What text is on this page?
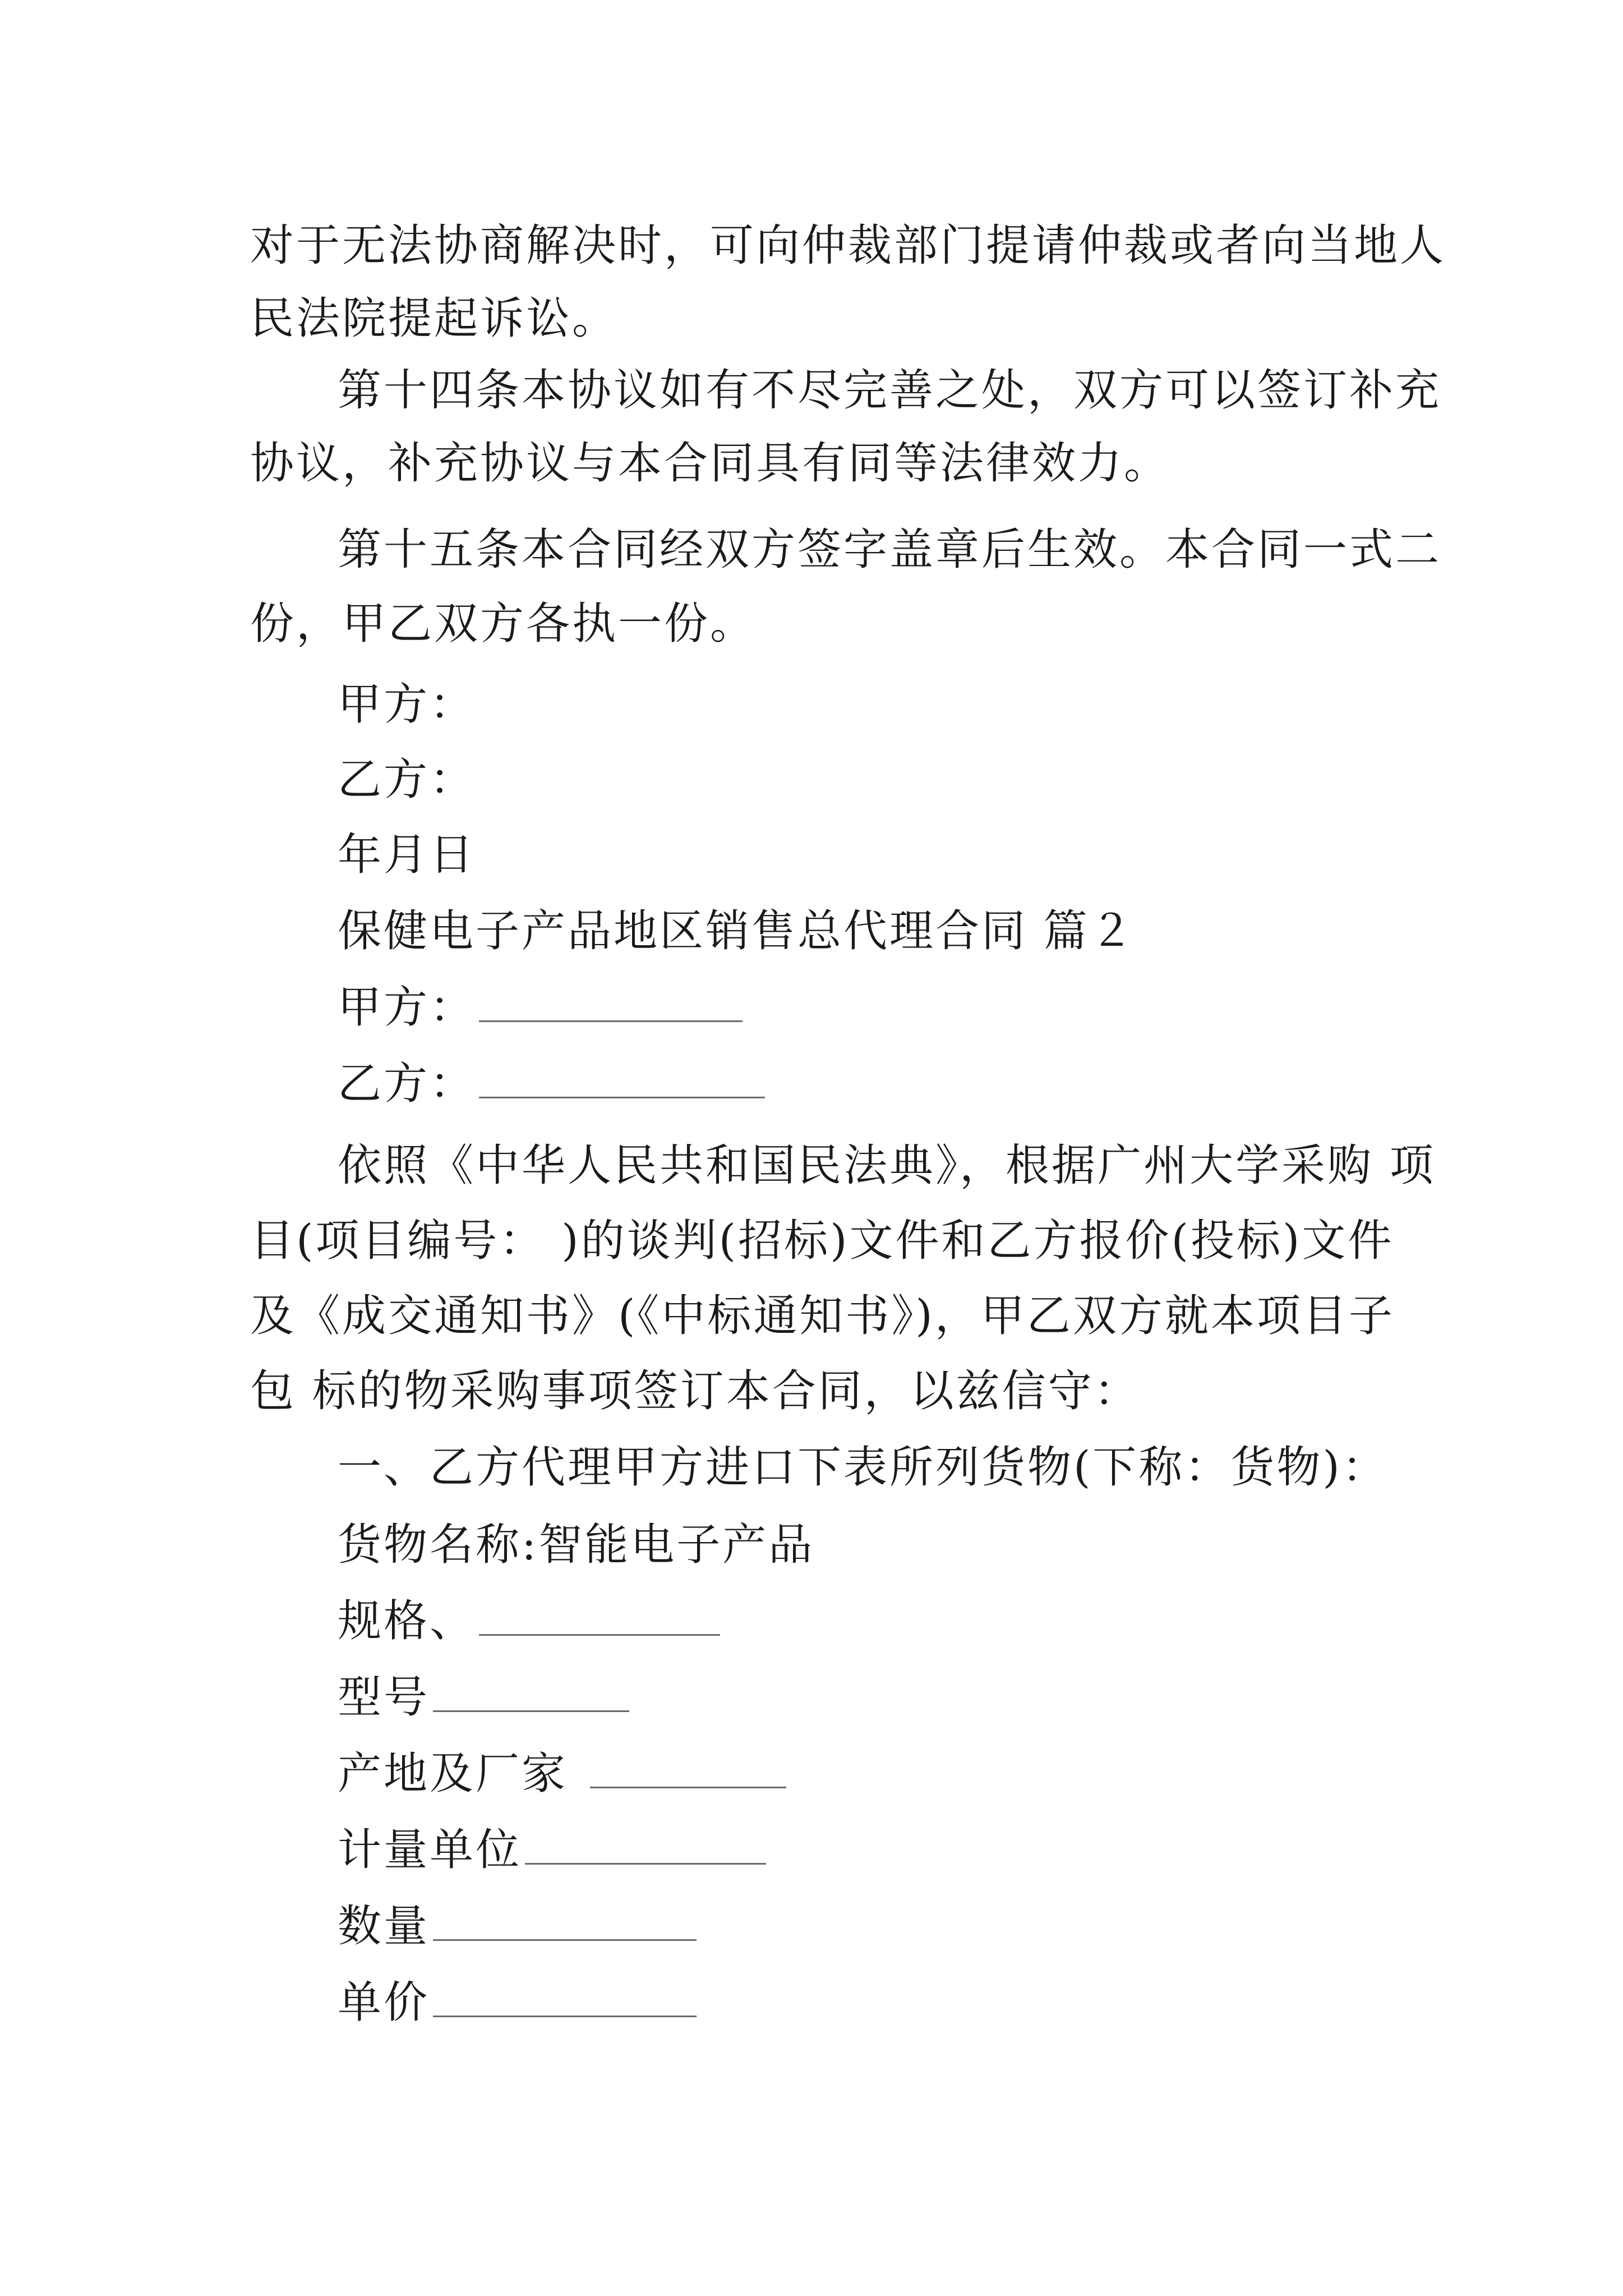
对于无法协商解决时，可向仲裁部门提请仲裁或者向当地人
民法院提起诉讼。
第十四条本协议如有不尽完善之处，双方可以签订补充
协议，补充协议与本合同具有同等法律效力。
第十五条本合同经双方签字盖章后生效。本合同一式二
份，甲乙双方各执一份。
甲方：
乙方：
年月日
保健电子产品地区销售总代理合同 篇２
甲方：
乙方：
依照《中华人民共和国民法典》，根据广州大学采购 项
目(项目编号： )的谈判(招标)文件和乙方报价(投标)文件
及《成交通知书》(《中标通知书》)，甲乙双方就本项目子
包 标的物采购事项签订本合同，以兹信守：
一、乙方代理甲方进口下表所列货物(下称：货物)：
货物名称:智能电子产品
规格、
型号
产地及厂家
计量单位
数量
单价
